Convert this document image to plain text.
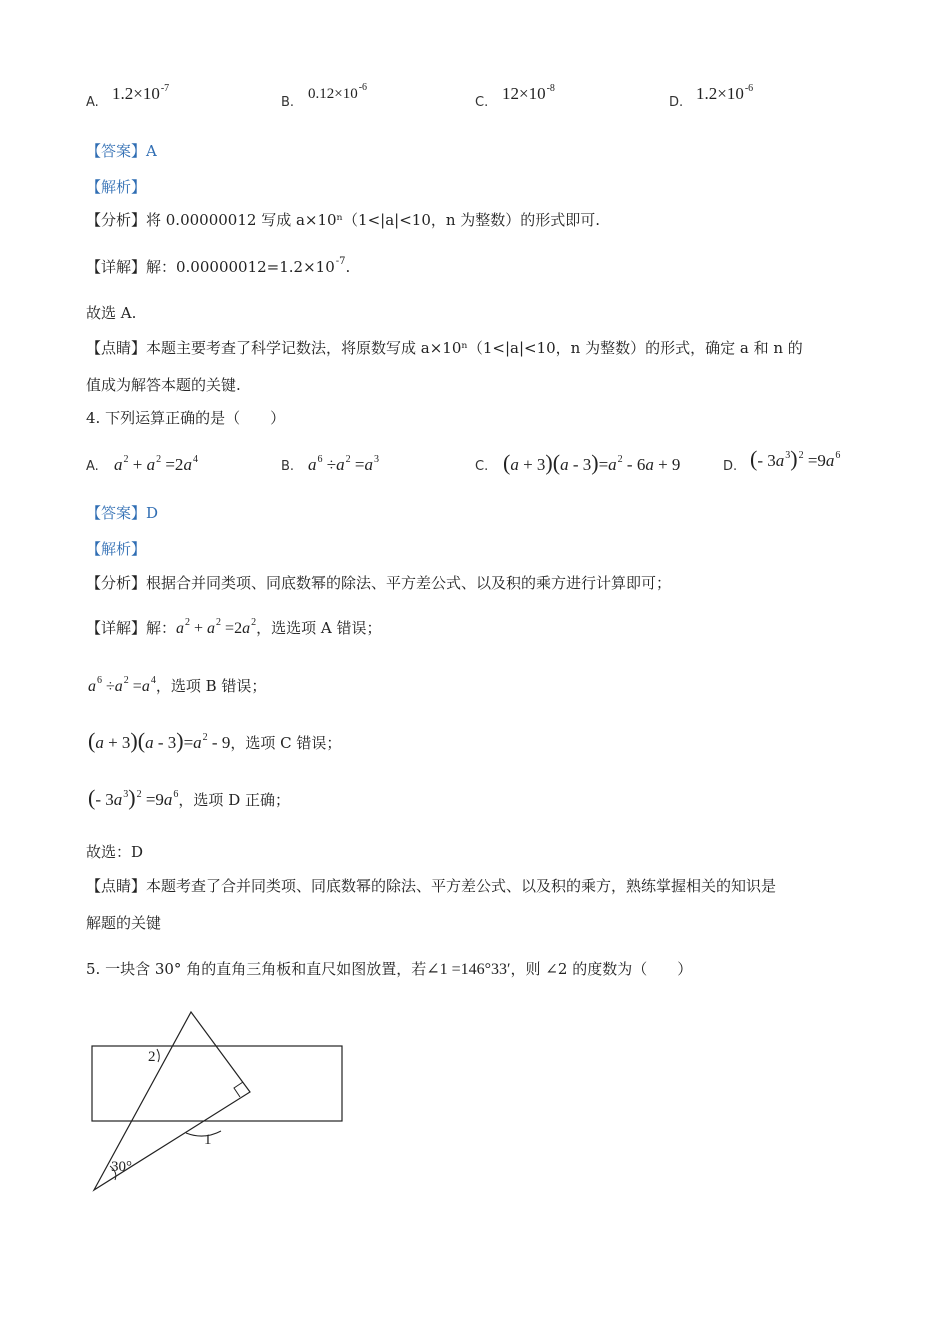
A. $1.2\times 10^{-7}$
B.
$0.12\times 10^{-6}$
C. $12\times 10^{-8}$
D. $1.2\times 10^{-6}$
【答案】A
【解析】
【分析】将 0.00000012 写成 a×10ⁿ（1<|a|<10，n 为整数）的形式即可.
【详解】解：$0.00000012=1.2\times 10^{-7}$.
故选 A.
【点睛】本题主要考查了科学记数法，将原数写成 a×10ⁿ（1<|a|<10，n 为整数）的形式，确定 a 和 n 的
值成为解答本题的关键.
4. 下列运算正确的是（　　）
A. $a^2 + a^2 =2a^4$	B. $a^6 \div a^2 =a^3$	C. $(a + 3)(a - 3)=a^2 - 6a + 9$	D. (- $3a^3)^2 =9a^6$
【答案】D
【解析】
【分析】根据合并同类项、同底数幂的除法、平方差公式、以及积的乘方进行计算即可；
【详解】解：$a^2 + a^2 =2a^2$，选选项 A 错误；
$a^6 \div a^2 =a^4$，选项 B 错误；
$(a + 3)(a - 3)=a^2 - 9$，选项 C 错误；
(- $3a^3)^2 =9a^6$，选项 D 正确；
故选：D
【点睛】本题考查了合并同类项、同底数幂的除法、平方差公式、以及积的乘方，熟练掌握相关的知识是
解题的关键
5. 一块含 30° 角的直角三角板和直尺如图放置，若∠1 =146°33′，则 ∠2 的度数为（　　）
1
2
30°
